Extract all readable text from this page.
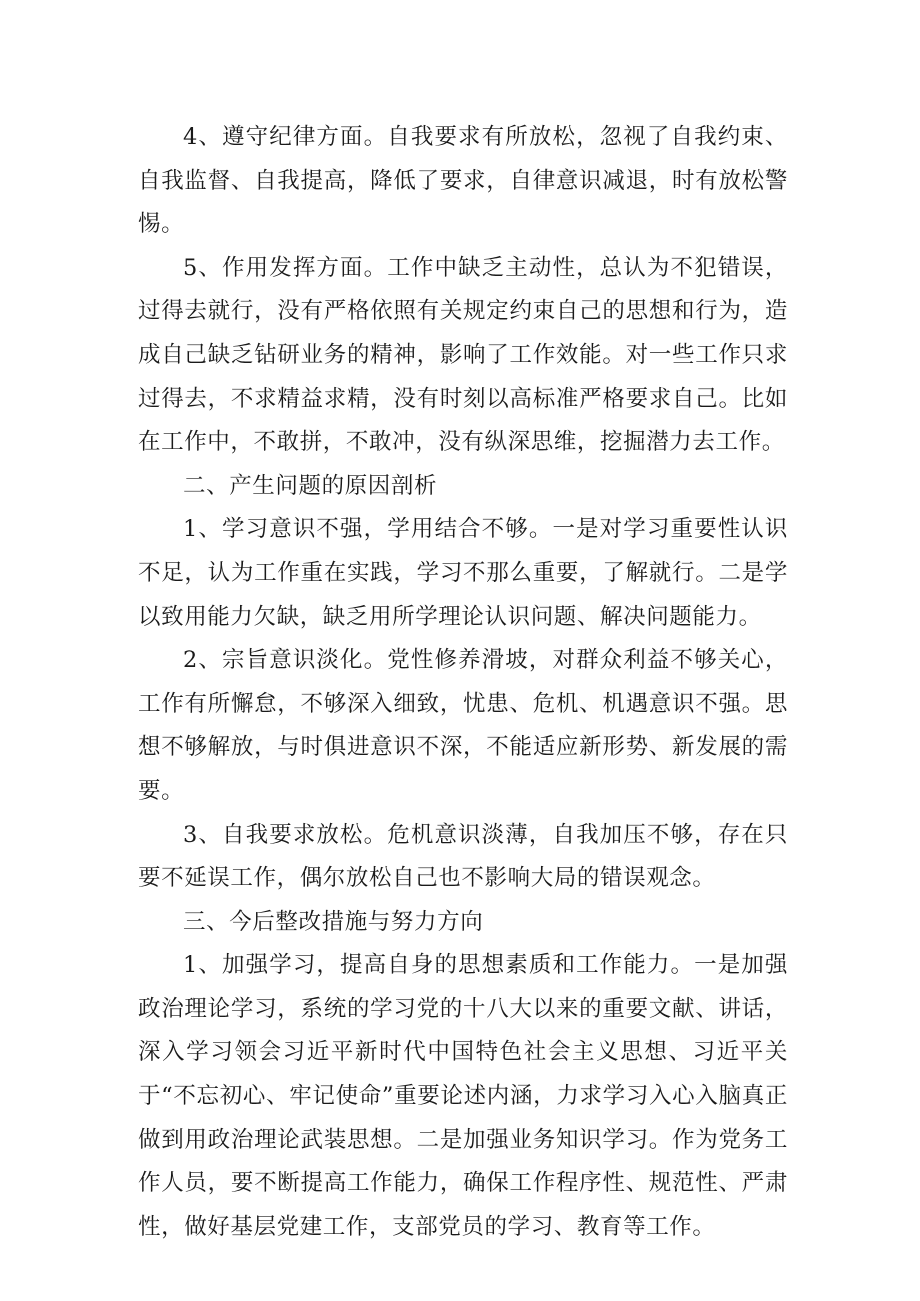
4、遵守纪律方面。自我要求有所放松，忽视了自我约束、自我监督、自我提高，降低了要求，自律意识减退，时有放松警惕。

5、作用发挥方面。工作中缺乏主动性，总认为不犯错误，过得去就行，没有严格依照有关规定约束自己的思想和行为，造成自己缺乏钻研业务的精神，影响了工作效能。对一些工作只求过得去，不求精益求精，没有时刻以高标准严格要求自己。比如在工作中，不敢拼，不敢冲，没有纵深思维，挖掘潜力去工作。

二、产生问题的原因剖析

1、学习意识不强，学用结合不够。一是对学习重要性认识不足，认为工作重在实践，学习不那么重要，了解就行。二是学以致用能力欠缺，缺乏用所学理论认识问题、解决问题能力。

2、宗旨意识淡化。党性修养滑坡，对群众利益不够关心，工作有所懈怠，不够深入细致，忧患、危机、机遇意识不强。思想不够解放，与时俱进意识不深，不能适应新形势、新发展的需要。

3、自我要求放松。危机意识淡薄，自我加压不够，存在只要不延误工作，偶尔放松自己也不影响大局的错误观念。

三、今后整改措施与努力方向

1、加强学习，提高自身的思想素质和工作能力。一是加强政治理论学习，系统的学习党的十八大以来的重要文献、讲话，深入学习领会习近平新时代中国特色社会主义思想、习近平关于“不忘初心、牢记使命”重要论述内涵，力求学习入心入脑真正做到用政治理论武装思想。二是加强业务知识学习。作为党务工作人员，要不断提高工作能力，确保工作程序性、规范性、严肃性，做好基层党建工作，支部党员的学习、教育等工作。
